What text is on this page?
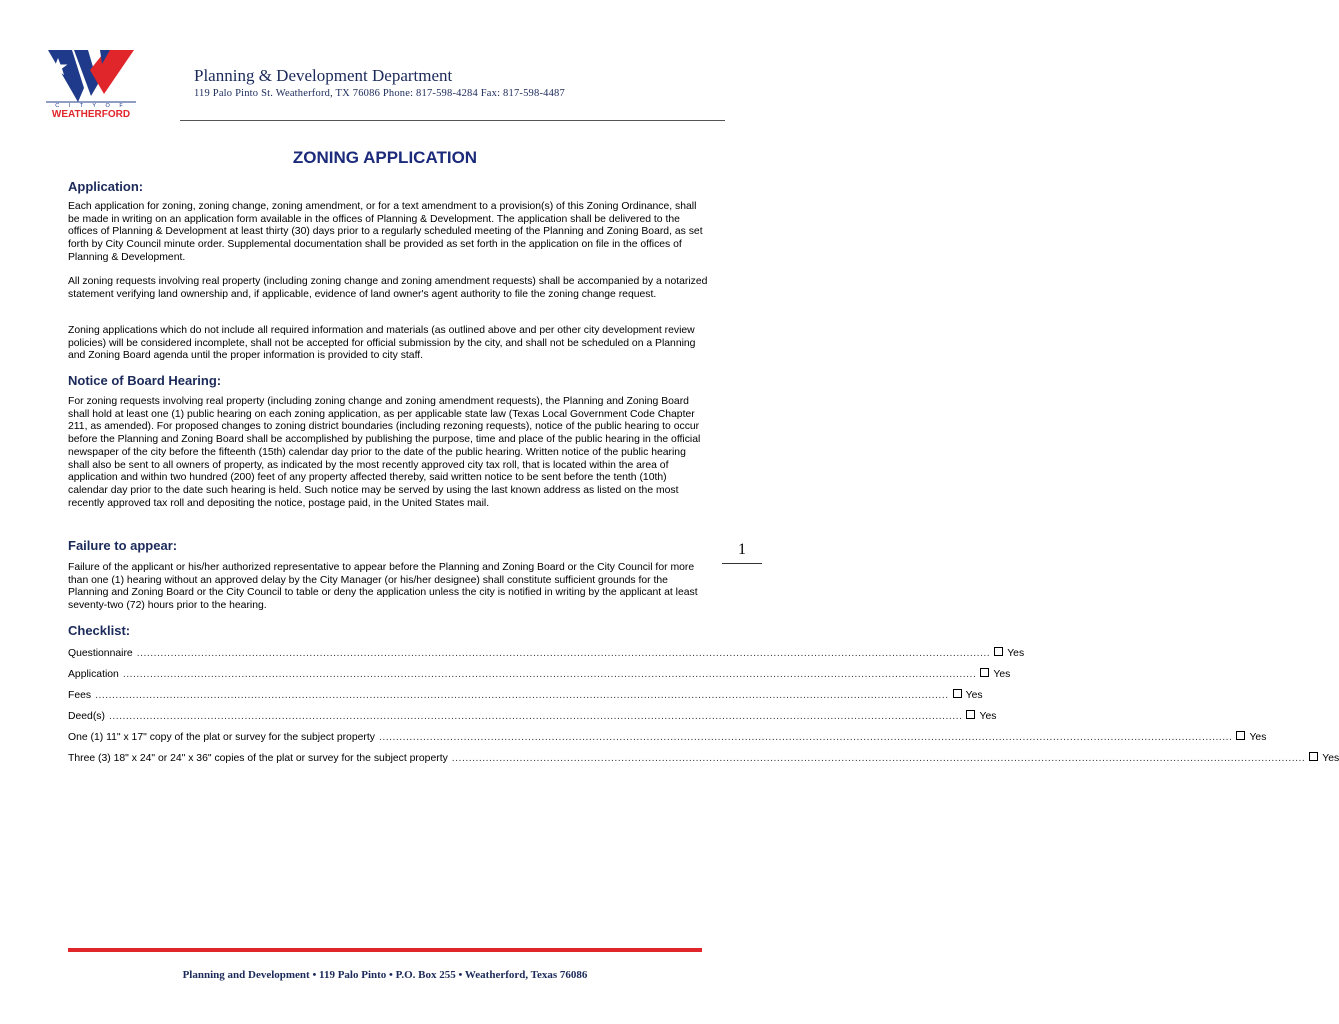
C I T Y O F
WEATHERFORD
Planning & Development Department
119 Palo Pinto St. Weatherford, TX 76086 Phone: 817-598-4284 Fax: 817-598-4487
ZONING APPLICATION
Application:

Each application for zoning, zoning change, zoning amendment, or for a text amendment to a provision(s) of this Zoning Ordinance, shall be made in writing on an application form available in the offices of Planning & Development. The application shall be delivered to the offices of Planning & Development at least thirty (30) days prior to a regularly scheduled meeting of the Planning and Zoning Board, as set forth by City Council minute order. Supplemental documentation shall be provided as set forth in the application on file in the offices of Planning & Development.

All zoning requests involving real property (including zoning change and zoning amendment requests) shall be accompanied by a notarized statement verifying land ownership and, if applicable, evidence of land owner's agent authority to file the zoning change request.

Zoning applications which do not include all required information and materials (as outlined above and per other city development review policies) will be considered incomplete, shall not be accepted for official submission by the city, and shall not be scheduled on a Planning and Zoning Board agenda until the proper information is provided to city staff.

Notice of Board Hearing:

For zoning requests involving real property (including zoning change and zoning amendment requests), the Planning and Zoning Board shall hold at least one (1) public hearing on each zoning application, as per applicable state law (Texas Local Government Code Chapter 211, as amended). For proposed changes to zoning district boundaries (including rezoning requests), notice of the public hearing to occur before the Planning and Zoning Board shall be accomplished by publishing the purpose, time and place of the public hearing in the official newspaper of the city before the fifteenth (15th) calendar day prior to the date of the public hearing. Written notice of the public hearing shall also be sent to all owners of property, as indicated by the most recently approved city tax roll, that is located within the area of application and within two hundred (200) feet of any property affected thereby, said written notice to be sent before the tenth (10th) calendar day prior to the date such hearing is held. Such notice may be served by using the last known address as listed on the most recently approved tax roll and depositing the notice, postage paid, in the United States mail.

Failure to appear:

Failure of the applicant or his/her authorized representative to appear before the Planning and Zoning Board or the City Council for more than one (1) hearing without an approved delay by the City Manager (or his/her designee) shall constitute sufficient grounds for the Planning and Zoning Board or the City Council to table or deny the application unless the city is notified in writing by the applicant at least seventy-two (72) hours prior to the hearing.

1
Checklist:
Questionnaire ............................................................................................................................................................................................................................................................ Yes
Application ............................................................................................................................................................................................................................................................ Yes
Fees ............................................................................................................................................................................................................................................................ Yes
Deed(s) ............................................................................................................................................................................................................................................................ Yes
One (1) 11" x 17" copy of the plat or survey for the subject property ............................................................................................................................................................................................................................................................ Yes
Three (3) 18" x 24" or 24" x 36" copies of the plat or survey for the subject property ............................................................................................................................................................................................................................................................ Yes
Planning and Development • 119 Palo Pinto • P.O. Box 255 • Weatherford, Texas 76086
